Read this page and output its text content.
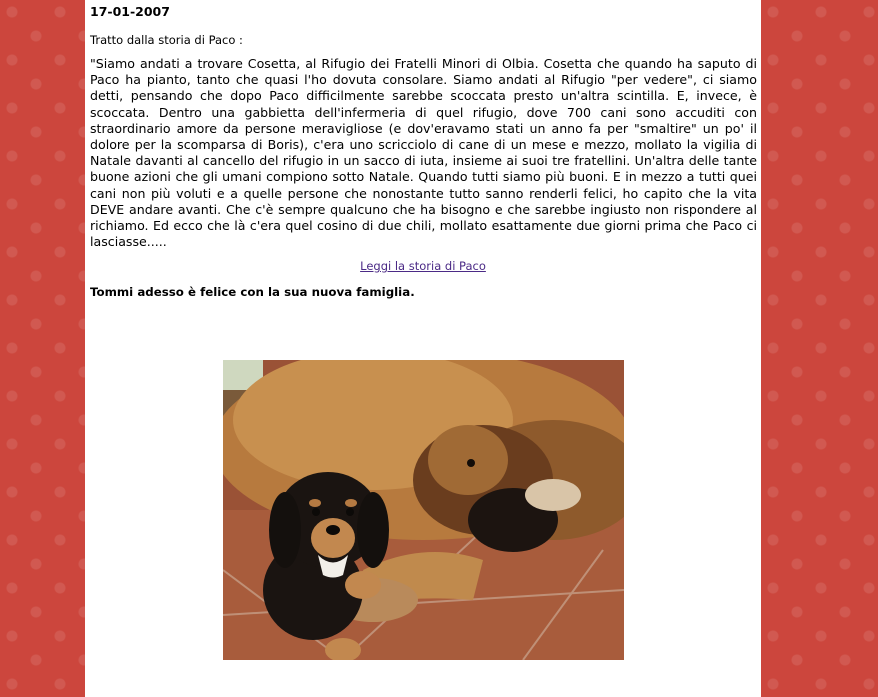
17-01-2007
Tratto dalla storia di Paco :

"Siamo andati a trovare Cosetta, al Rifugio dei Fratelli Minori di Olbia. Cosetta che quando ha saputo di Paco ha pianto, tanto che quasi l'ho dovuta consolare. Siamo andati al Rifugio "per vedere", ci siamo detti, pensando che dopo Paco difficilmente sarebbe scoccata presto un'altra scintilla. E, invece, è scoccata. Dentro una gabbietta dell'infermeria di quel rifugio, dove 700 cani sono accuditi con straordinario amore da persone meravigliose (e dov'eravamo stati un anno fa per "smaltire" un po' il dolore per la scomparsa di Boris), c'era uno scricciolo di cane di un mese e mezzo, mollato la vigilia di Natale davanti al cancello del rifugio in un sacco di iuta, insieme ai suoi tre fratellini. Un'altra delle tante buone azioni che gli umani compiono sotto Natale. Quando tutti siamo più buoni. E in mezzo a tutti quei cani non più voluti e a quelle persone che nonostante tutto sanno renderli felici, ho capito che la vita DEVE andare avanti. Che c'è sempre qualcuno che ha bisogno e che sarebbe ingiusto non rispondere al richiamo. Ed ecco che là c'era quel cosino di due chili, mollato esattamente due giorni prima che Paco ci lasciasse.....

Leggi la storia di Paco
Tommi adesso è felice con la sua nuova famiglia.
